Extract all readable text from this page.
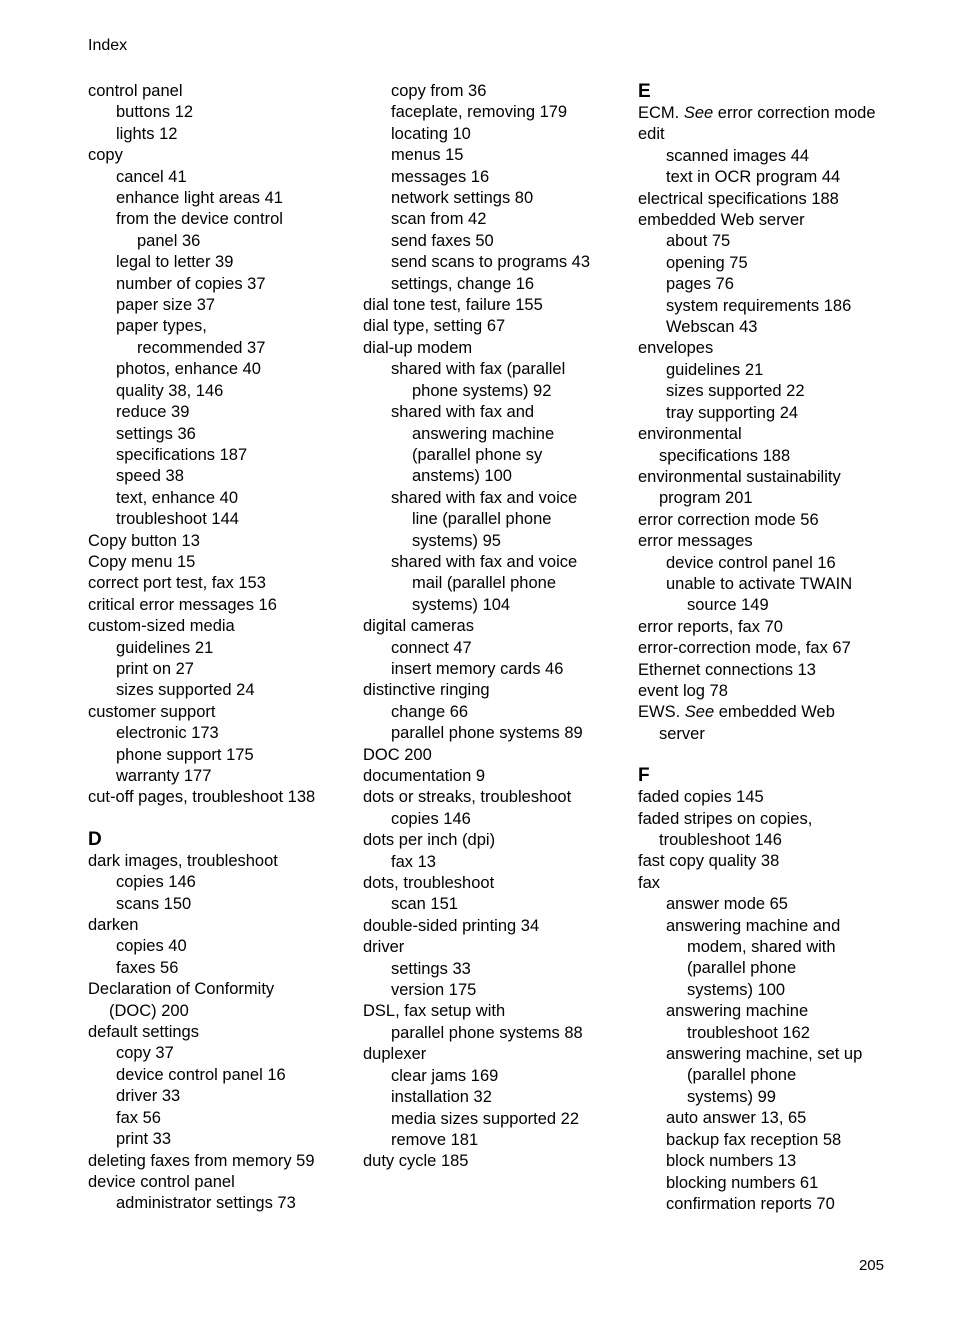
Index
control panel
buttons 12
lights 12
copy
cancel 41
enhance light areas 41
from the device control
panel 36
legal to letter 39
number of copies 37
paper size 37
paper types,
recommended 37
photos, enhance 40
quality 38, 146
reduce 39
settings 36
specifications 187
speed 38
text, enhance 40
troubleshoot 144
Copy button 13
Copy menu 15
correct port test, fax 153
critical error messages 16
custom-sized media
guidelines 21
print on 27
sizes supported 24
customer support
electronic 173
phone support 175
warranty 177
cut-off pages, troubleshoot 138
D
dark images, troubleshoot
copies 146
scans 150
darken
copies 40
faxes 56
Declaration of Conformity
(DOC) 200
default settings
copy 37
device control panel 16
driver 33
fax 56
print 33
deleting faxes from memory 59
device control panel
administrator settings 73
copy from 36
faceplate, removing 179
locating 10
menus 15
messages 16
network settings 80
scan from 42
send faxes 50
send scans to programs 43
settings, change 16
dial tone test, failure 155
dial type, setting 67
dial-up modem
shared with fax (parallel
phone systems) 92
shared with fax and
answering machine
(parallel phone sy
anstems) 100
shared with fax and voice
line (parallel phone
systems) 95
shared with fax and voice
mail (parallel phone
systems) 104
digital cameras
connect 47
insert memory cards 46
distinctive ringing
change 66
parallel phone systems 89
DOC 200
documentation 9
dots or streaks, troubleshoot
copies 146
dots per inch (dpi)
fax 13
dots, troubleshoot
scan 151
double-sided printing 34
driver
settings 33
version 175
DSL, fax setup with
parallel phone systems 88
duplexer
clear jams 169
installation 32
media sizes supported 22
remove 181
duty cycle 185
E
ECM. See error correction mode
edit
scanned images 44
text in OCR program 44
electrical specifications 188
embedded Web server
about 75
opening 75
pages 76
system requirements 186
Webscan 43
envelopes
guidelines 21
sizes supported 22
tray supporting 24
environmental
specifications 188
environmental sustainability
program 201
error correction mode 56
error messages
device control panel 16
unable to activate TWAIN
source 149
error reports, fax 70
error-correction mode, fax 67
Ethernet connections 13
event log 78
EWS. See embedded Web
server
F
faded copies 145
faded stripes on copies,
troubleshoot 146
fast copy quality 38
fax
answer mode 65
answering machine and
modem, shared with
(parallel phone
systems) 100
answering machine
troubleshoot 162
answering machine, set up
(parallel phone
systems) 99
auto answer 13, 65
backup fax reception 58
block numbers 13
blocking numbers 61
confirmation reports 70
205
